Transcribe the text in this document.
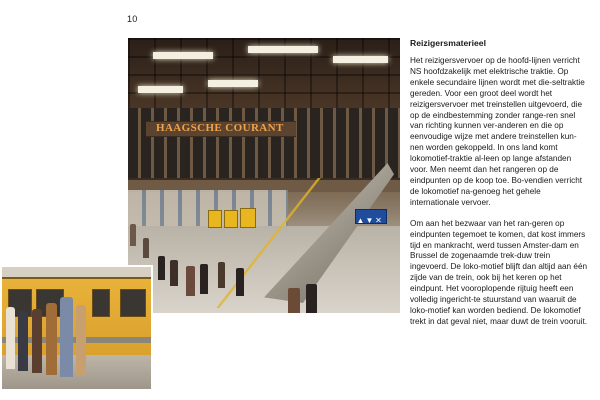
10
HAAGSCHE COURANT
▲▼ ✕

Reizigersmaterieel

Het reizigersvervoer op de hoofd-lijnen verricht NS hoofdzakelijk met elektrische traktie. Op enkele secundaire lijnen wordt met die-seltraktie gereden. Voor een groot deel wordt het reizigersvervoer met treinstellen uitgevoerd, die op de eindbestemming zonder range-ren snel van richting kunnen ver-anderen en die op eenvoudige wijze met andere treinstellen kun-nen worden gekoppeld. In ons land komt lokomotief-traktie al-leen op lange afstanden voor. Men neemt dan het rangeren op de eindpunten op de koop toe. Bo-vendien verricht de lokomotief na-genoeg het gehele internationale vervoer.

Om aan het bezwaar van het ran-geren op eindpunten tegemoet te komen, dat kost immers tijd en mankracht, werd tussen Amster-dam en Brussel de zogenaamde trek-duw trein ingevoerd. De loko-motief blijft dan altijd aan één zijde van de trein, ook bij het keren op het eindpunt. Het vooroplopende rijtuig heeft een volledig ingericht-te stuurstand van waaruit de loko-motief kan worden bediend. De lokomotief trekt in dat geval niet, maar duwt de trein vooruit.
